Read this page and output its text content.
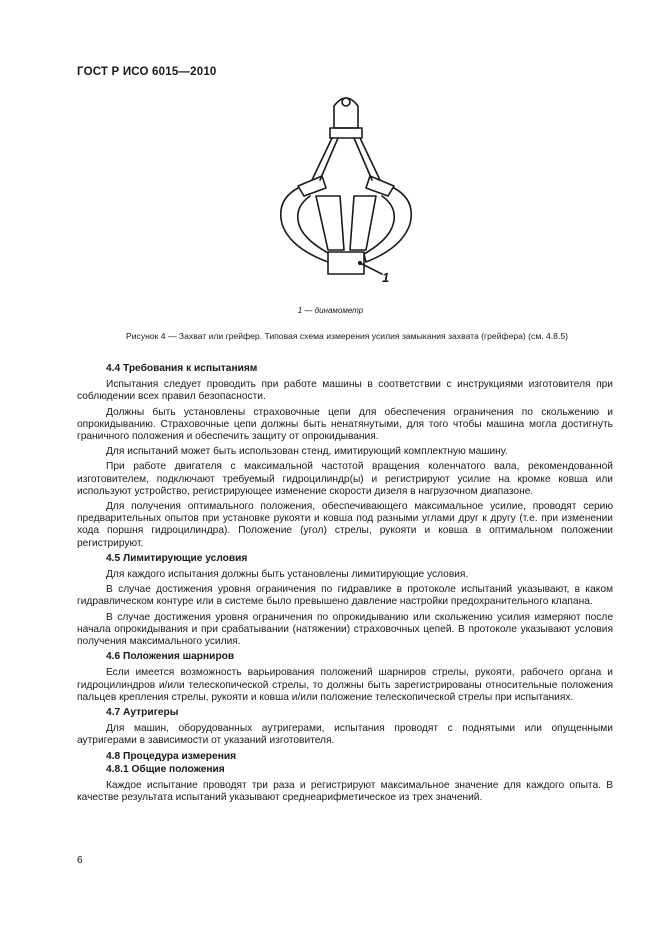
ГОСТ Р ИСО 6015—2010
1
1 — динамометр
Рисунок 4 — Захват или грейфер. Типовая схема измерения усилия замыкания захвата (грейфера) (см. 4.8.5)
4.4 Требования к испытаниям

Испытания следует проводить при работе машины в соответствии с инструкциями изготовителя при соблюдении всех правил безопасности.

Должны быть установлены страховочные цепи для обеспечения ограничения по скольжению и опрокидыванию. Страховочные цепи должны быть ненатянутыми, для того чтобы машина могла достигнуть граничного положения и обеспечить защиту от опрокидывания.

Для испытаний может быть использован стенд, имитирующий комплектную машину.

При работе двигателя с максимальной частотой вращения коленчатого вала, рекомендованной изготовителем, подключают требуемый гидроцилиндр(ы) и регистрируют усилие на кромке ковша или используют устройство, регистрирующее изменение скорости дизеля в нагрузочном диапазоне.

Для получения оптимального положения, обеспечивающего максимальное усилие, проводят серию предварительных опытов при установке рукояти и ковша под разными углами друг к другу (т.е. при изменении хода поршня гидроцилиндра). Положение (угол) стрелы, рукояти и ковша в оптимальном положении регистрируют.

4.5 Лимитирующие условия

Для каждого испытания должны быть установлены лимитирующие условия.

В случае достижения уровня ограничения по гидравлике в протоколе испытаний указывают, в каком гидравлическом контуре или в системе было превышено давление настройки предохранительного клапана.

В случае достижения уровня ограничения по опрокидыванию или скольжению усилия измеряют после начала опрокидывания и при срабатывании (натяжении) страховочных цепей. В протоколе указывают условия получения максимального усилия.

4.6 Положения шарниров

Если имеется возможность варьирования положений шарниров стрелы, рукояти, рабочего органа и гидроцилиндров и/или телескопической стрелы, то должны быть зарегистрированы относительные положения пальцев крепления стрелы, рукояти и ковша и/или положение телескопической стрелы при испытаниях.

4.7 Аутригеры

Для машин, оборудованных аутригерами, испытания проводят с поднятыми или опущенными аутригерами в зависимости от указаний изготовителя.

4.8 Процедура измерения
4.8.1 Общие положения

Каждое испытание проводят три раза и регистрируют максимальное значение для каждого опыта. В качестве результата испытаний указывают среднеарифметическое из трех значений.

6
